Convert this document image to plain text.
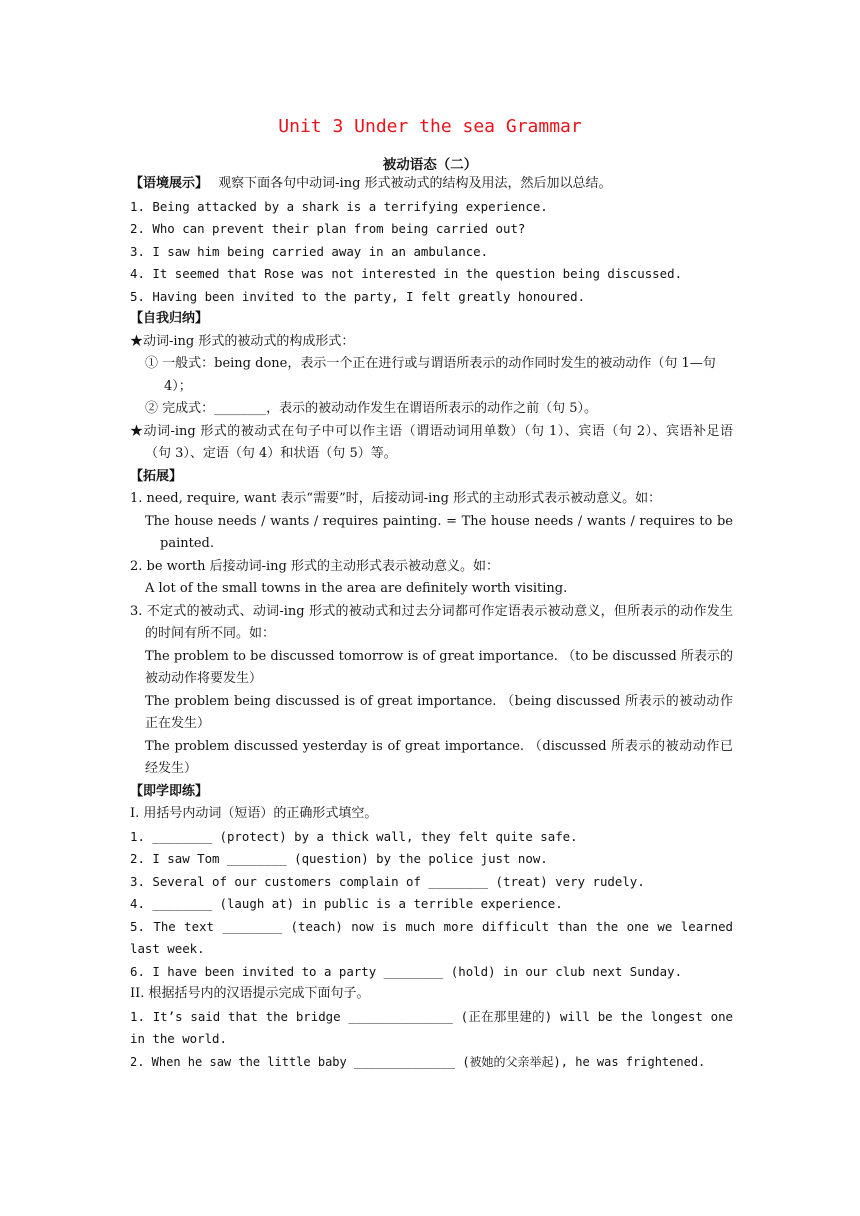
Unit 3 Under the sea Grammar
被动语态（二）
【语境展示】 观察下面各句中动词-ing 形式被动式的结构及用法，然后加以总结。
1. Being attacked by a shark is a terrifying experience.
2. Who can prevent their plan from being carried out?
3. I saw him being carried away in an ambulance.
4. It seemed that Rose was not interested in the question being discussed.
5. Having been invited to the party, I felt greatly honoured.
【自我归纳】
★动词-ing 形式的被动式的构成形式：
① 一般式：being done，表示一个正在进行或与谓语所表示的动作同时发生的被动动作（句 1—句 4）；
② 完成式：________，表示的被动动作发生在谓语所表示的动作之前（句 5）。
★动词-ing 形式的被动式在句子中可以作主语（谓语动词用单数）（句 1）、宾语（句 2）、宾语补足语（句 3）、定语（句 4）和状语（句 5）等。
【拓展】
1. need, require, want 表示“需要”时，后接动词-ing 形式的主动形式表示被动意义。如：
The house needs / wants / requires painting. = The house needs / wants / requires to be painted.
2. be worth 后接动词-ing 形式的主动形式表示被动意义。如：
A lot of the small towns in the area are definitely worth visiting.
3. 不定式的被动式、动词-ing 形式的被动式和过去分词都可作定语表示被动意义，但所表示的动作发生的时间有所不同。如：
The problem to be discussed tomorrow is of great importance. （to be discussed 所表示的被动动作将要发生）
The problem being discussed is of great importance. （being discussed 所表示的被动动作正在发生）
The problem discussed yesterday is of great importance. （discussed 所表示的被动动作已经发生）
【即学即练】
I. 用括号内动词（短语）的正确形式填空。
1. ________ (protect) by a thick wall, they felt quite safe.
2. I saw Tom ________ (question) by the police just now.
3. Several of our customers complain of ________ (treat) very rudely.
4. ________ (laugh at) in public is a terrible experience.
5. The text ________ (teach) now is much more difficult than the one we learned last week.
6. I have been invited to a party ________ (hold) in our club next Sunday.
II. 根据括号内的汉语提示完成下面句子。
1. It’s said that the bridge ______________ (正在那里建的) will be the longest one in the world.
2. When he saw the little baby ______________ (被她的父亲举起), he was frightened.
